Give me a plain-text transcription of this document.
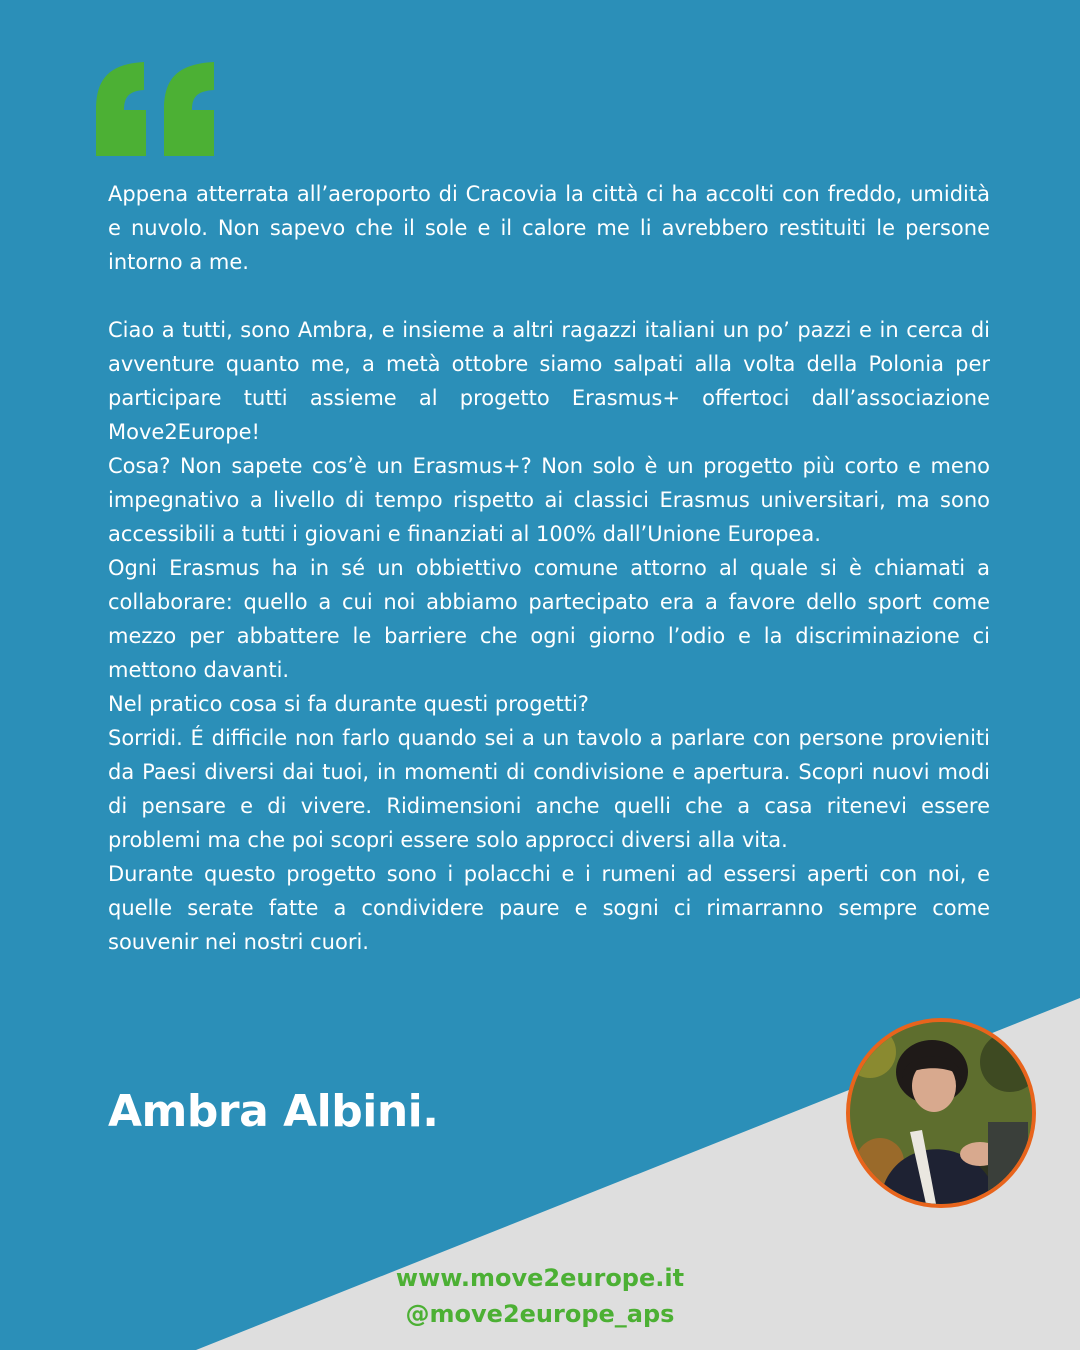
Appena atterrata all’aeroporto di Cracovia la città ci ha accolti con freddo, umidità e nuvolo. Non sapevo che il sole e il calore me li avrebbero restituiti le persone intorno a me.

Ciao a tutti, sono Ambra, e insieme a altri ragazzi italiani un po’ pazzi e in cerca di avventure quanto me, a metà ottobre siamo salpati alla volta della Polonia per participare tutti assieme al progetto Erasmus+ offertoci dall’associazione Move2Europe!

Cosa? Non sapete cos’è un Erasmus+? Non solo è un progetto più corto e meno impegnativo a livello di tempo rispetto ai classici Erasmus universitari, ma sono accessibili a tutti i giovani e finanziati al 100% dall’Unione Europea.

Ogni Erasmus ha in sé un obbiettivo comune attorno al quale si è chiamati a collaborare: quello a cui noi abbiamo partecipato era a favore dello sport come mezzo per abbattere le barriere che ogni giorno l’odio e la discriminazione ci mettono davanti.

Nel pratico cosa si fa durante questi progetti?

Sorridi. É difficile non farlo quando sei a un tavolo a parlare con persone provieniti da Paesi diversi dai tuoi, in momenti di condivisione e apertura. Scopri nuovi modi di pensare e di vivere. Ridimensioni anche quelli che a casa ritenevi essere problemi ma che poi scopri essere solo approcci diversi alla vita.

Durante questo progetto sono i polacchi e i rumeni ad essersi aperti con noi, e quelle serate fatte a condividere paure e sogni ci rimarranno sempre come souvenir nei nostri cuori.

Ambra Albini.
www.move2europe.it
@move2europe_aps
